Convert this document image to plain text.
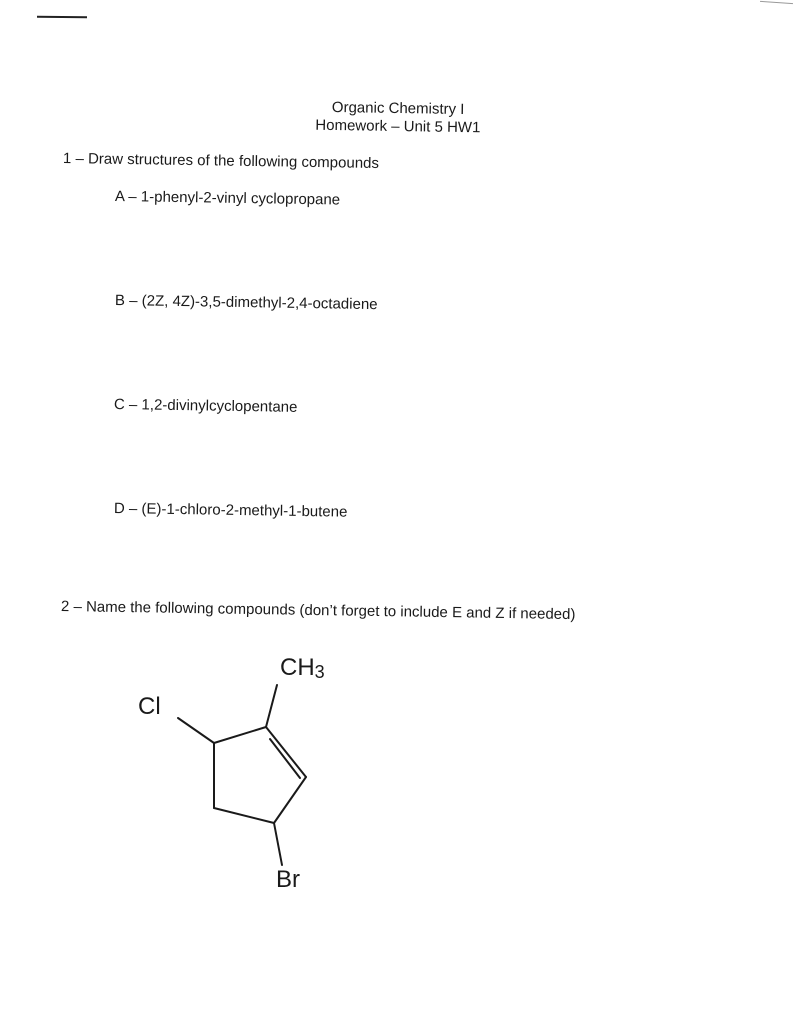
Organic Chemistry I
Homework – Unit 5 HW1
1 – Draw structures of the following compounds
A – 1-phenyl-2-vinyl cyclopropane
B – (2Z, 4Z)-3,5-dimethyl-2,4-octadiene
C – 1,2-divinylcyclopentane
D – (E)-1-chloro-2-methyl-1-butene
2 – Name the following compounds (don’t forget to include E and Z if needed)
$CH_3$
Cl
Br
